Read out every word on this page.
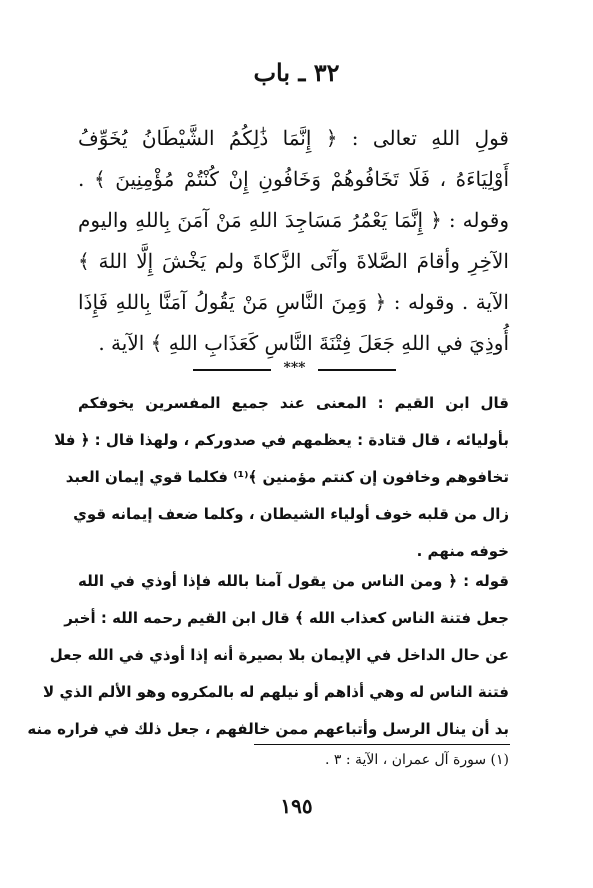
٣٢ ـ باب

قولِ اللهِ تعالى : ﴿ إِنَّمَا ذَٰلِكُمُ الشَّيْطَانُ يُخَوِّفُ

أَوْلِيَاءَهُ ، فَلَا تَخَافُوهُمْ وَخَافُونِ إِنْ كُنْتُمْ مُؤْمِنِينَ ﴾ .

وقوله : ﴿ إِنَّمَا يَعْمُرُ مَسَاجِدَ اللهِ مَنْ آمَنَ بِاللهِ واليوم

الآخِرِ وأقامَ الصَّلاةَ وآتَى الزَّكاةَ ولم يَخْشَ إِلَّا اللهَ ﴾

الآية . وقوله : ﴿ وَمِنَ النَّاسِ مَنْ يَقُولُ آمَنَّا بِاللهِ فَإِذَا

أُوذِيَ في اللهِ جَعَلَ فِتْنَةَ النَّاسِ كَعَذَابِ اللهِ ﴾ الآية .

***

قال ابن القيم : المعنى عند جميع المفسرين يخوفكم

بأوليائه ، قال قتادة : يعظمهم في صدوركم ، ولهذا قال : ﴿ فلا

تخافوهم وخافون إن كنتم مؤمنين ﴾⁽¹⁾ فكلما قوي إيمان العبد

زال من قلبه خوف أولياء الشيطان ، وكلما ضعف إيمانه قوي

خوفه منهم .

قوله : ﴿ ومن الناس من يقول آمنا بالله فإذا أوذي في الله

جعل فتنة الناس كعذاب الله ﴾ قال ابن القيم رحمه الله : أخبر

عن حال الداخل في الإيمان بلا بصيرة أنه إذا أوذي في الله جعل

فتنة الناس له وهي أذاهم أو نيلهم له بالمكروه وهو الألم الذي لا

بد أن ينال الرسل وأتباعهم ممن خالفهم ، جعل ذلك في فراره منه

(١) سورة آل عمران ، الآية : ٣ .
١٩٥
